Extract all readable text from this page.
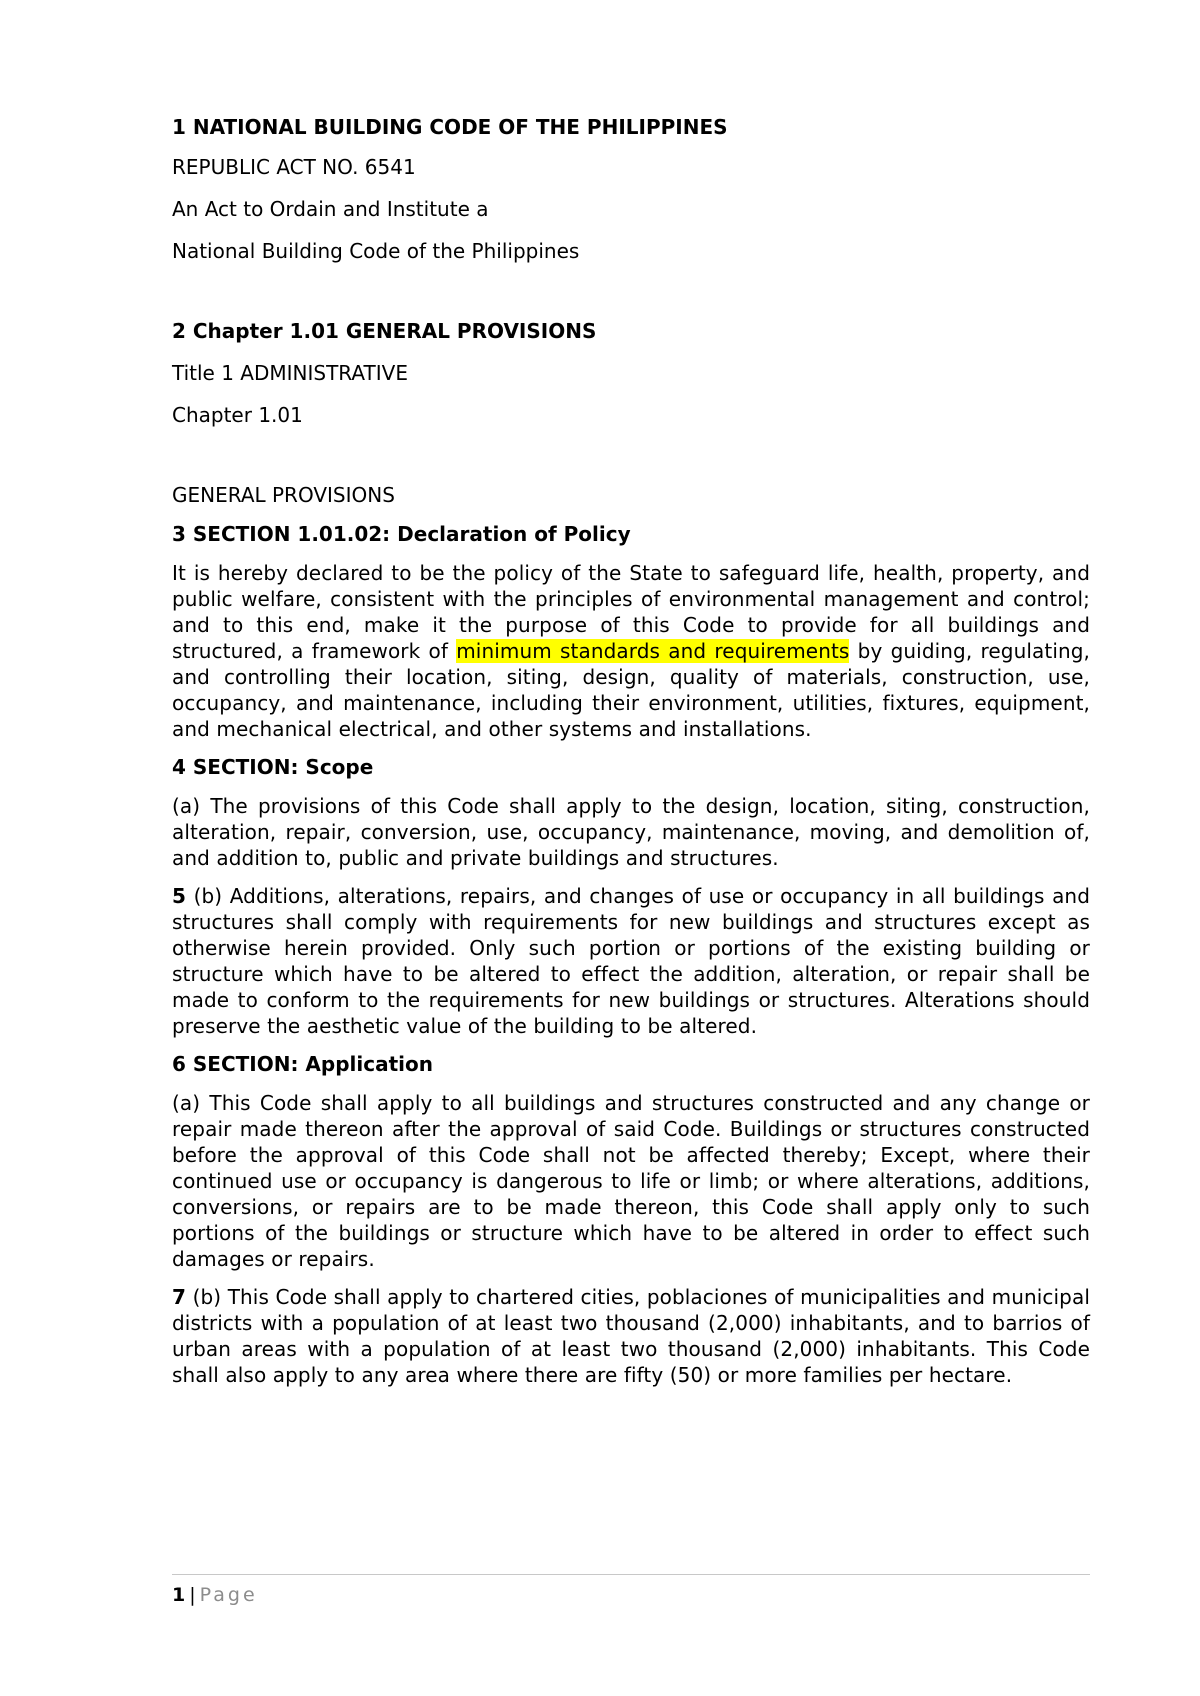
1 NATIONAL BUILDING CODE OF THE PHILIPPINES

REPUBLIC ACT NO. 6541

An Act to Ordain and Institute a

National Building Code of the Philippines

2 Chapter 1.01 GENERAL PROVISIONS

Title 1 ADMINISTRATIVE

Chapter 1.01

GENERAL PROVISIONS

3 SECTION 1.01.02: Declaration of Policy

It is hereby declared to be the policy of the State to safeguard life, health, property, and public welfare, consistent with the principles of environmental management and control; and to this end, make it the purpose of this Code to provide for all buildings and structured, a framework of minimum standards and requirements by guiding, regulating, and controlling their location, siting, design, quality of materials, construction, use, occupancy, and maintenance, including their environment, utilities, fixtures, equipment, and mechanical electrical, and other systems and installations.

4 SECTION: Scope

(a) The provisions of this Code shall apply to the design, location, siting, construction, alteration, repair, conversion, use, occupancy, maintenance, moving, and demolition of, and addition to, public and private buildings and structures.

5 (b) Additions, alterations, repairs, and changes of use or occupancy in all buildings and structures shall comply with requirements for new buildings and structures except as otherwise herein provided. Only such portion or portions of the existing building or structure which have to be altered to effect the addition, alteration, or repair shall be made to conform to the requirements for new buildings or structures. Alterations should preserve the aesthetic value of the building to be altered.

6 SECTION: Application

(a) This Code shall apply to all buildings and structures constructed and any change or repair made thereon after the approval of said Code. Buildings or structures constructed before the approval of this Code shall not be affected thereby; Except, where their continued use or occupancy is dangerous to life or limb; or where alterations, additions, conversions, or repairs are to be made thereon, this Code shall apply only to such portions of the buildings or structure which have to be altered in order to effect such damages or repairs.

7 (b) This Code shall apply to chartered cities, poblaciones of municipalities and municipal districts with a population of at least two thousand (2,000) inhabitants, and to barrios of urban areas with a population of at least two thousand (2,000) inhabitants. This Code shall also apply to any area where there are fifty (50) or more families per hectare.

1 | Page
